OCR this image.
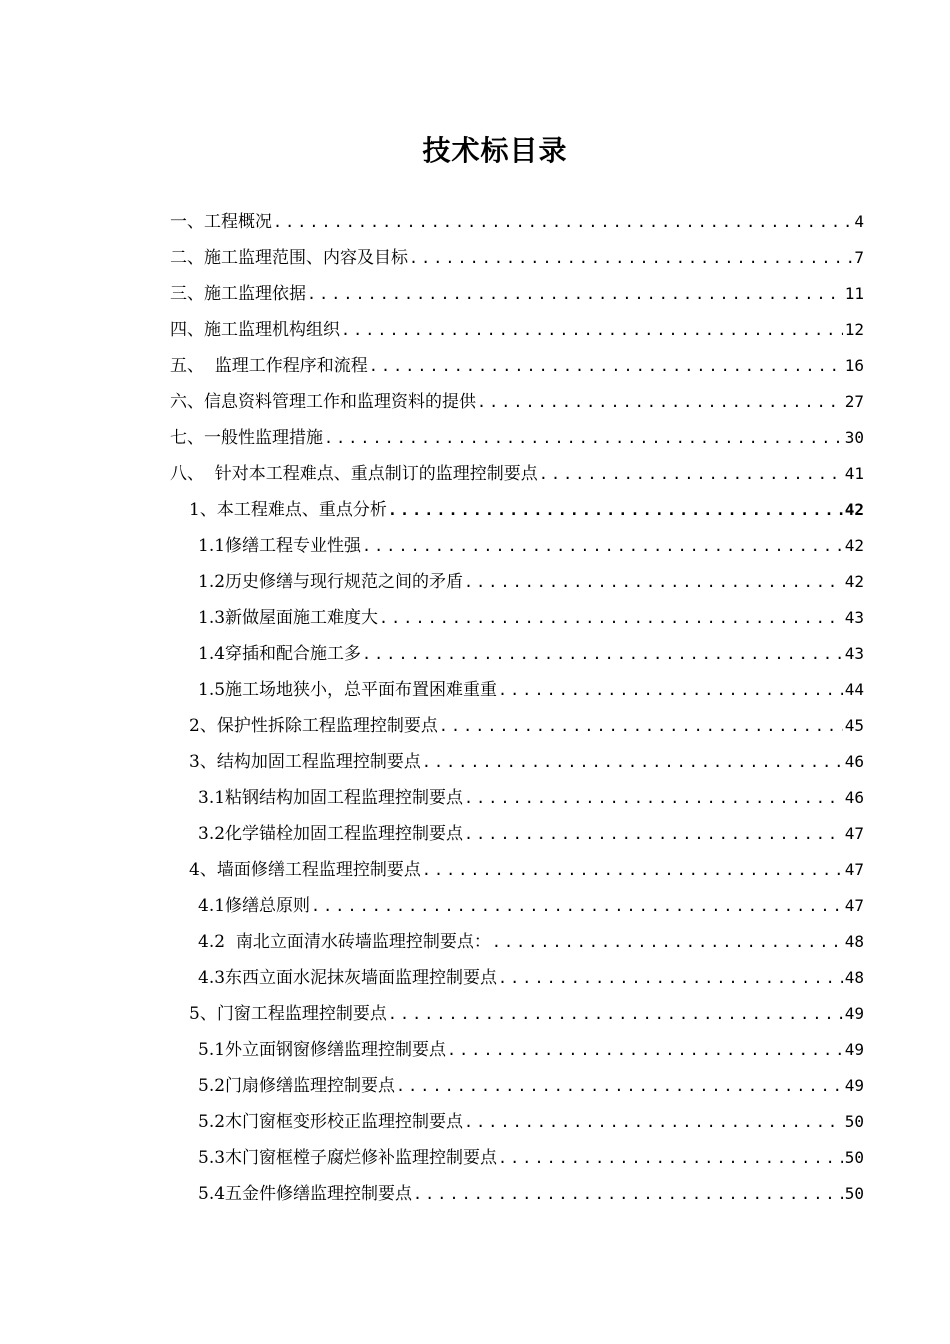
技术标目录
一、工程概况 .....	4
二、施工监理范围、内容及目标 .....	7
三、施工监理依据 .....	11
四、施工监理机构组织 .....	12
五、  监理工作程序和流程 .....	16
六、信息资料管理工作和监理资料的提供 .....	27
七、一般性监理措施 .....	30
八、  针对本工程难点、重点制订的监理控制要点 .....	41
1、本工程难点、重点分析 .....	42
1.1修缮工程专业性强 .....	42
1.2历史修缮与现行规范之间的矛盾 .....	42
1.3新做屋面施工难度大 .....	43
1.4穿插和配合施工多 .....	43
1.5施工场地狭小，总平面布置困难重重 .....	44
2、保护性拆除工程监理控制要点 .....	45
3、结构加固工程监理控制要点 .....	46
3.1粘钢结构加固工程监理控制要点 .....	46
3.2化学锚栓加固工程监理控制要点 .....	47
4、墙面修缮工程监理控制要点 .....	47
4.1修缮总原则 .....	47
4.2  南北立面清水砖墙监理控制要点： .....	48
4.3东西立面水泥抹灰墙面监理控制要点 .....	48
5、门窗工程监理控制要点 .....	49
5.1外立面钢窗修缮监理控制要点 .....	49
5.2门扇修缮监理控制要点 .....	49
5.2木门窗框变形校正监理控制要点 .....	50
5.3木门窗框樘子腐烂修补监理控制要点 .....	50
5.4五金件修缮监理控制要点 .....	50
